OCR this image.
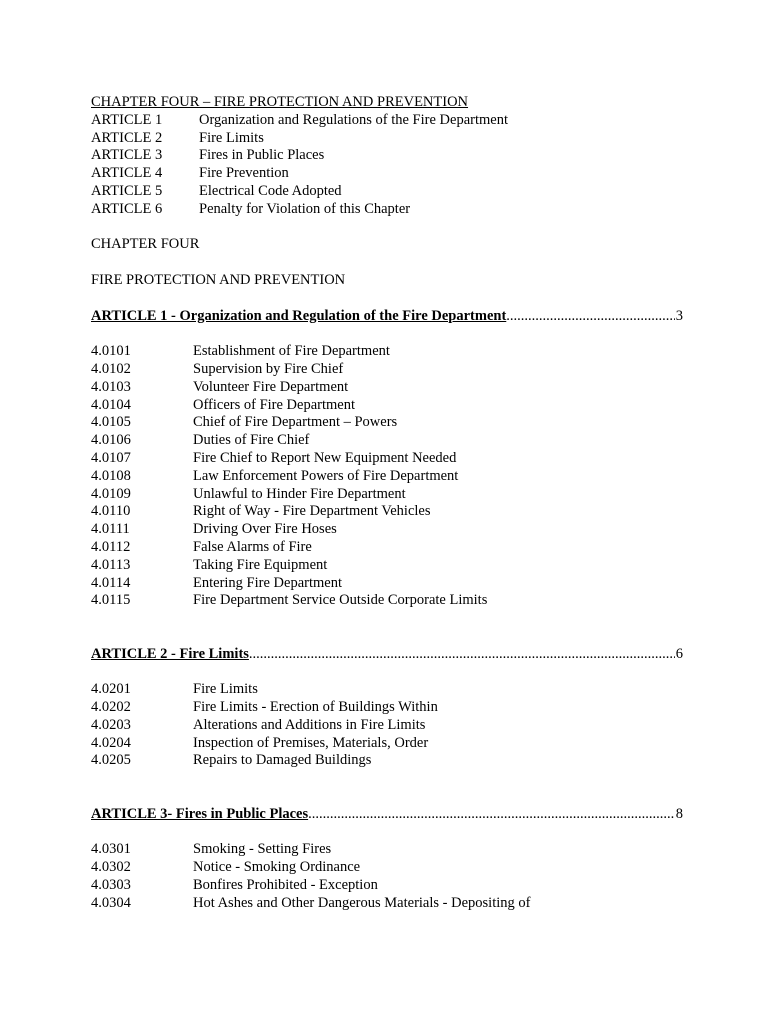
CHAPTER FOUR – FIRE PROTECTION AND PREVENTION
ARTICLE 1	Organization and Regulations of the Fire Department
ARTICLE 2	Fire Limits
ARTICLE 3	Fires in Public Places
ARTICLE 4	Fire Prevention
ARTICLE 5	Electrical Code Adopted
ARTICLE 6	Penalty for Violation of this Chapter
CHAPTER FOUR
FIRE PROTECTION AND PREVENTION
ARTICLE 1 - Organization and Regulation of the Fire Department .....	3
4.0101	Establishment of Fire Department
4.0102	Supervision by Fire Chief
4.0103	Volunteer Fire Department
4.0104	Officers of Fire Department
4.0105	Chief of Fire Department – Powers
4.0106	Duties of Fire Chief
4.0107	Fire Chief to Report New Equipment Needed
4.0108	Law Enforcement Powers of Fire Department
4.0109	Unlawful to Hinder Fire Department
4.0110	Right of Way - Fire Department Vehicles
4.0111	Driving Over Fire Hoses
4.0112	False Alarms of Fire
4.0113	Taking Fire Equipment
4.0114	Entering Fire Department
4.0115	Fire Department Service Outside Corporate Limits
ARTICLE 2 - Fire Limits .....	6
4.0201	Fire Limits
4.0202	Fire Limits - Erection of Buildings Within
4.0203	Alterations and Additions in Fire Limits
4.0204	Inspection of Premises, Materials, Order
4.0205	Repairs to Damaged Buildings
ARTICLE 3- Fires in Public Places .....	8
4.0301	Smoking - Setting Fires
4.0302	Notice - Smoking Ordinance
4.0303	Bonfires Prohibited - Exception
4.0304	Hot Ashes and Other Dangerous Materials - Depositing of
